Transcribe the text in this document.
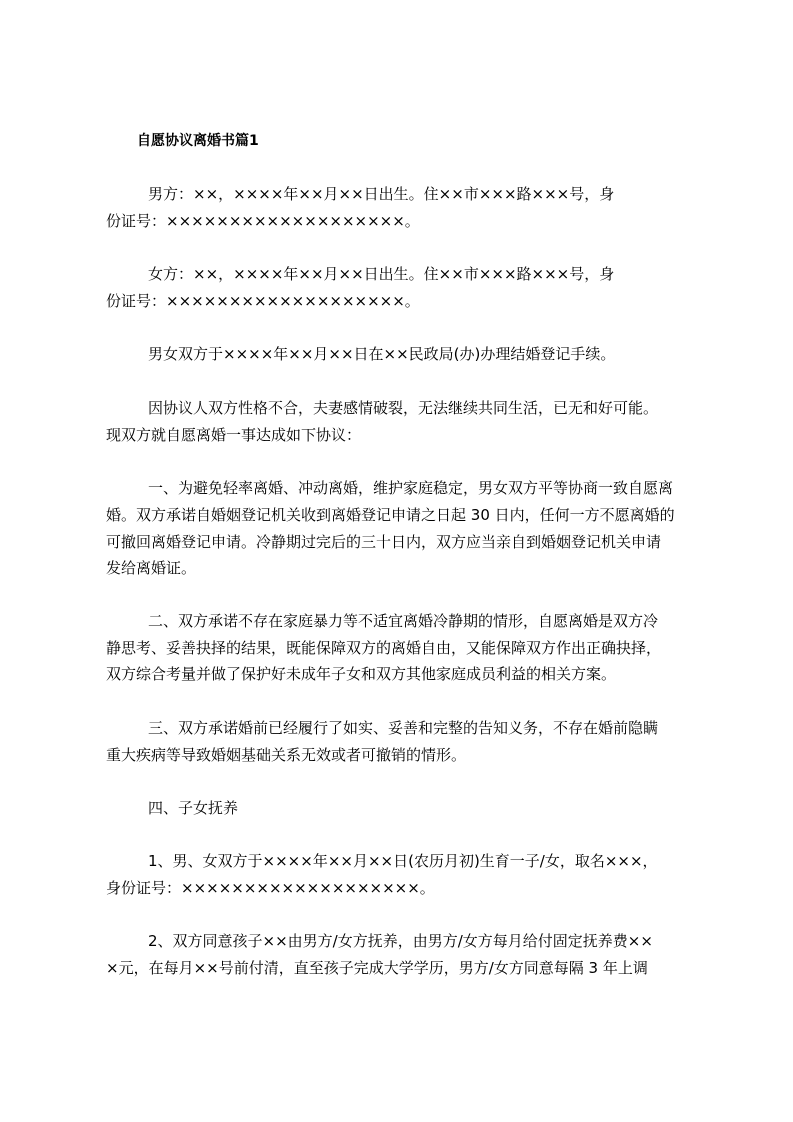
自愿协议离婚书篇1
男方：××，××××年××月××日出生。住××市×××路×××号，身
份证号：×××××××××××××××××××。
女方：××，××××年××月××日出生。住××市×××路×××号，身
份证号：×××××××××××××××××××。
男女双方于××××年××月××日在××民政局(办)办理结婚登记手续。
因协议人双方性格不合，夫妻感情破裂，无法继续共同生活，已无和好可能。
现双方就自愿离婚一事达成如下协议：
一、为避免轻率离婚、冲动离婚，维护家庭稳定，男女双方平等协商一致自愿离
婚。双方承诺自婚姻登记机关收到离婚登记申请之日起 30 日内，任何一方不愿离婚的
可撤回离婚登记申请。冷静期过完后的三十日内，双方应当亲自到婚姻登记机关申请
发给离婚证。
二、双方承诺不存在家庭暴力等不适宜离婚冷静期的情形，自愿离婚是双方冷
静思考、妥善抉择的结果，既能保障双方的离婚自由，又能保障双方作出正确抉择，
双方综合考量并做了保护好未成年子女和双方其他家庭成员利益的相关方案。
三、双方承诺婚前已经履行了如实、妥善和完整的告知义务，不存在婚前隐瞒
重大疾病等导致婚姻基础关系无效或者可撤销的情形。
四、子女抚养
1、男、女双方于××××年××月××日(农历月初)生育一子/女，取名×××，
身份证号：×××××××××××××××××××。
2、双方同意孩子××由男方/女方抚养，由男方/女方每月给付固定抚养费××
×元，在每月××号前付清，直至孩子完成大学学历，男方/女方同意每隔 3 年上调
